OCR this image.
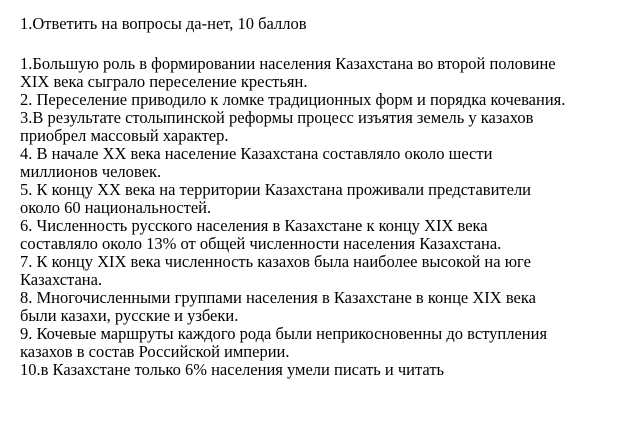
1.Ответить на вопросы да-нет, 10 баллов

1.Большую роль в формировании населения Казахстана во второй половине
XIX века сыграло переселение крестьян.

2. Переселение приводило к ломке традиционных форм и порядка кочевания.

3.В результате столыпинской реформы процесс изъятия земель у казахов
приобрел массовый характер.

4. В начале XX века население Казахстана составляло около шести
миллионов человек.

5. К концу XX века на территории Казахстана проживали представители
около 60 национальностей.

6. Численность русского населения в Казахстане к концу XIX века
составляло около 13% от общей численности населения Казахстана.

7. К концу XIX века численность казахов была наиболее высокой на юге
Казахстана.

8. Многочисленными группами населения в Казахстане в конце XIX века
были казахи, русские и узбеки.

9. Кочевые маршруты каждого рода были неприкосновенны до вступления
казахов в состав Российской империи.

10.в Казахстане только 6% населения умели писать и читать
